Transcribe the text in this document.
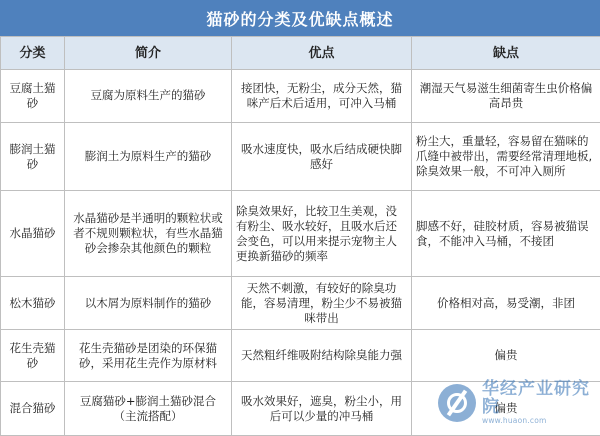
猫砂的分类及优缺点概述
分类	简介	优点	缺点
豆腐土猫砂	豆腐为原料生产的猫砂	接团快，无粉尘，成分天然，猫咪产后术后适用，可冲入马桶	潮湿天气易滋生细菌寄生虫价格偏高昂贵
膨润土猫砂	膨润土为原料生产的猫砂	吸水速度快，吸水后结成硬快脚感好	粉尘大，重量轻，容易留在猫咪的爪缝中被带出，需要经常清理地板,除臭效果一般，不可冲入厕所
水晶猫砂	水晶猫砂是半通明的颗粒状或者不规则颗粒状，有些水晶猫砂会掺杂其他颜色的颗粒	除臭效果好，比较卫生美观，没有粉尘、吸水较好，且吸水后还会变色，可以用来提示宠物主人更换新猫砂的频率	脚感不好，硅胶材质，容易被猫误食，不能冲入马桶，不接团
松木猫砂	以木屑为原料制作的猫砂	天然不刺激，有较好的除臭功能，容易清理，粉尘少不易被猫咪带出	价格相对高，易受潮，非团
花生壳猫砂	花生壳猫砂是团染的环保猫砂，采用花生壳作为原材料	天然粗纤维吸附结构除臭能力强	偏贵
混合猫砂	豆腐猫砂+膨润土猫砂混合（主流搭配）	吸水效果好，遮臭，粉尘小，用后可以少量的冲马桶	偏贵
华经产业研究院
www.huaon.com
